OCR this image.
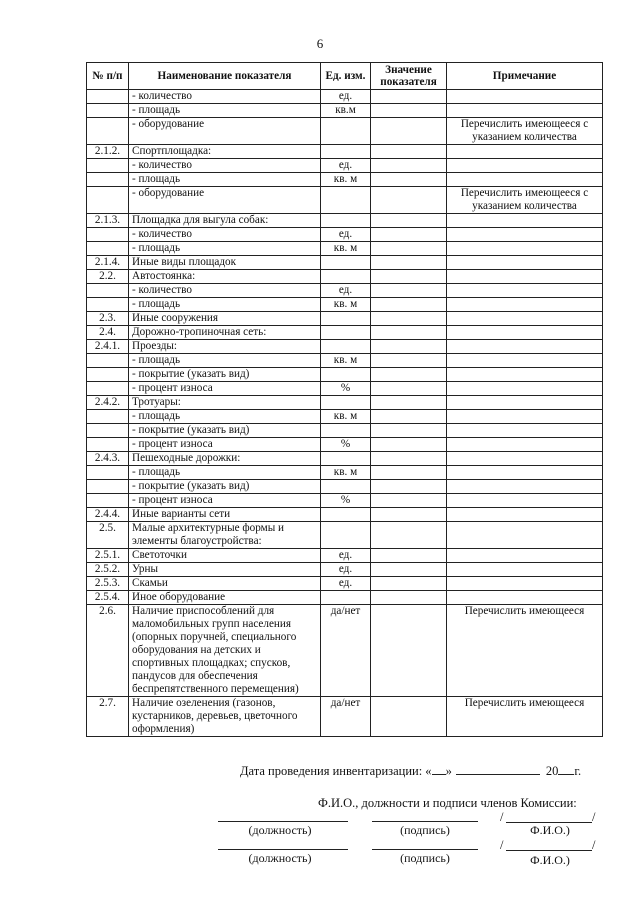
6
№ п/п	Наименование показателя	Ед. изм.	Значение показателя	Примечание
	- количество	ед.		
	- площадь	кв.м		
	- оборудование			Перечислить имеющееся с указанием количества
2.1.2.	Спортплощадка:			
	- количество	ед.		
	- площадь	кв. м		
	- оборудование			Перечислить имеющееся с указанием количества
2.1.3.	Площадка для выгула собак:			
	- количество	ед.		
	- площадь	кв. м		
2.1.4.	Иные виды площадок			
2.2.	Автостоянка:			
	- количество	ед.		
	- площадь	кв. м		
2.3.	Иные сооружения			
2.4.	Дорожно-тропиночная сеть:			
2.4.1.	Проезды:			
	- площадь	кв. м		
	- покрытие (указать вид)			
	- процент износа	%		
2.4.2.	Тротуары:			
	- площадь	кв. м		
	- покрытие (указать вид)			
	- процент износа	%		
2.4.3.	Пешеходные дорожки:			
	- площадь	кв. м		
	- покрытие (указать вид)			
	- процент износа	%		
2.4.4.	Иные варианты сети			
2.5.	Малые архитектурные формы и элементы благоустройства:			
2.5.1.	Светоточки	ед.		
2.5.2.	Урны	ед.		
2.5.3.	Скамьи	ед.		
2.5.4.	Иное оборудование			
2.6.	Наличие приспособлений для маломобильных групп населения (опорных поручней, специального оборудования на детских и спортивных площадках; спусков, пандусов для обеспечения беспрепятственного перемещения)	да/нет		Перечислить имеющееся
2.7.	Наличие озеленения (газонов, кустарников, деревьев, цветочного оформления)	да/нет		Перечислить имеющееся
Дата проведения инвентаризации: « »	20 г.
Ф.И.О., должности и подписи членов Комиссии:
/	/
(должность)	(подпись)	Ф.И.О.)
/	/
(должность)	(подпись)	Ф.И.О.)
